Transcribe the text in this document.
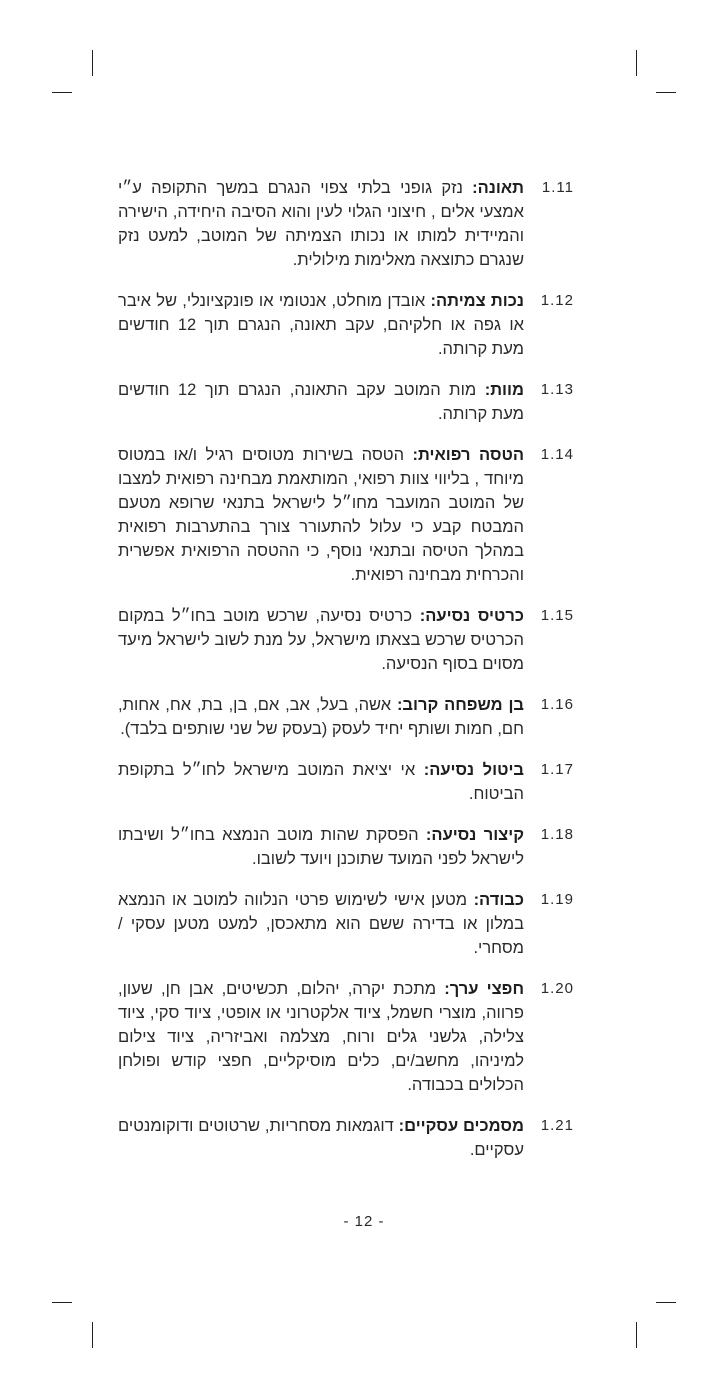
1.11
תאונה: נזק גופני בלתי צפוי הנגרם במשך התקופה ע״י אמצעי אלים , חיצוני הגלוי לעין והוא הסיבה היחידה, הישירה והמיידית למותו או נכותו הצמיתה של המוטב, למעט נזק שנגרם כתוצאה מאלימות מילולית.
1.12
נכות צמיתה: אובדן מוחלט, אנטומי או פונקציונלי, של איבר או גפה או חלקיהם, עקב תאונה, הנגרם תוך 12 חודשים מעת קרותה.
1.13
מוות: מות המוטב עקב התאונה, הנגרם תוך 12 חודשים מעת קרותה.
1.14
הטסה רפואית: הטסה בשירות מטוסים רגיל ו/או במטוס מיוחד , בליווי צוות רפואי, המותאמת מבחינה רפואית למצבו של המוטב המועבר מחו״ל לישראל בתנאי שרופא מטעם המבטח קבע כי עלול להתעורר צורך בהתערבות רפואית במהלך הטיסה ובתנאי נוסף, כי ההטסה הרפואית אפשרית והכרחית מבחינה רפואית.
1.15
כרטיס נסיעה: כרטיס נסיעה, שרכש מוטב בחו״ל במקום הכרטיס שרכש בצאתו מישראל, על מנת לשוב לישראל מיעד מסוים בסוף הנסיעה.
1.16
בן משפחה קרוב: אשה, בעל, אב, אם, בן, בת, אח, אחות, חם, חמות ושותף יחיד לעסק (בעסק של שני שותפים בלבד).
1.17
ביטול נסיעה: אי יציאת המוטב מישראל לחו״ל בתקופת הביטוח.
1.18
קיצור נסיעה: הפסקת שהות מוטב הנמצא בחו״ל ושיבתו לישראל לפני המועד שתוכנן ויועד לשובו.
1.19
כבודה: מטען אישי לשימוש פרטי הנלווה למוטב או הנמצא במלון או בדירה ששם הוא מתאכסן, למעט מטען עסקי / מסחרי.
1.20
חפצי ערך: מתכת יקרה, יהלום, תכשיטים, אבן חן, שעון, פרווה, מוצרי חשמל, ציוד אלקטרוני או אופטי, ציוד סקי, ציוד צלילה, גלשני גלים ורוח, מצלמה ואביזריה, ציוד צילום למיניהו, מחשב/ים, כלים מוסיקליים, חפצי קודש ופולחן הכלולים בכבודה.
1.21
מסמכים עסקיים: דוגמאות מסחריות, שרטוטים ודוקומנטים עסקיים.
- 12 -
